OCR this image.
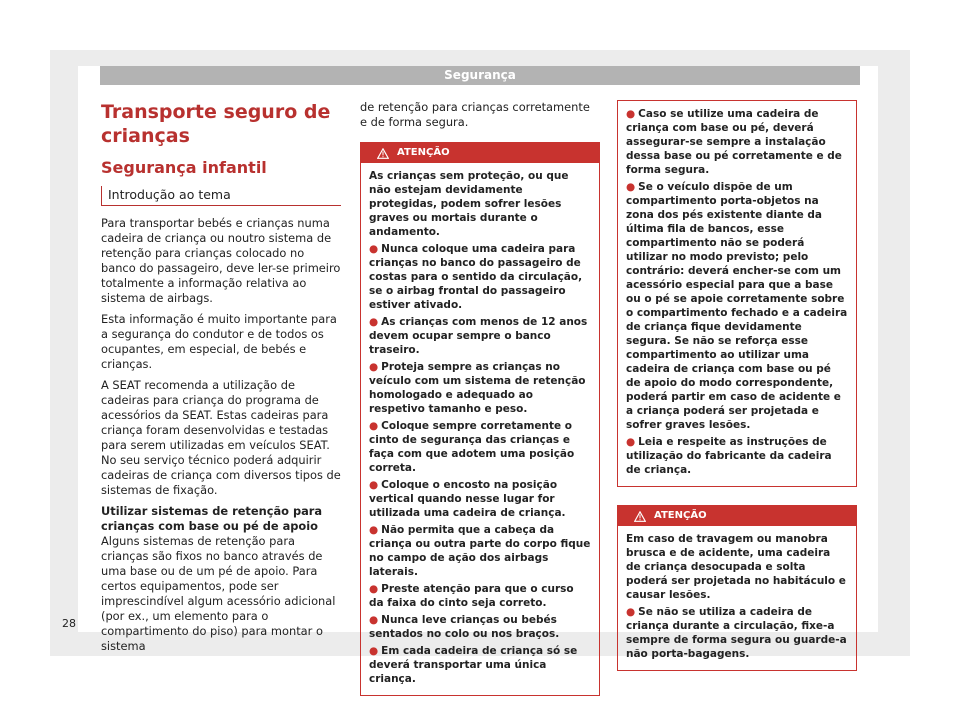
Segurança
Transporte seguro de crianças
Segurança infantil
Introdução ao tema

Para transportar bebés e crianças numa cadeira de criança ou noutro sistema de retenção para crianças colocado no banco do passageiro, deve ler-se primeiro totalmente a informação relativa ao sistema de airbags.

Esta informação é muito importante para a segurança do condutor e de todos os ocupantes, em especial, de bebés e crianças.

A SEAT recomenda a utilização de cadeiras para criança do programa de acessórios da SEAT. Estas cadeiras para criança foram desenvolvidas e testadas para serem utilizadas em veículos SEAT. No seu serviço técnico poderá adquirir cadeiras de criança com diversos tipos de sistemas de fixação.

Utilizar sistemas de retenção para crianças com base ou pé de apoio

Alguns sistemas de retenção para crianças são fixos no banco através de uma base ou de um pé de apoio. Para certos equipamentos, pode ser imprescindível algum acessório adicional (por ex., um elemento para o compartimento do piso) para montar o sistema

de retenção para crianças corretamente e de forma segura.

ATENÇÃO

As crianças sem proteção, ou que não estejam devidamente protegidas, podem sofrer lesões graves ou mortais durante o andamento.

● Nunca coloque uma cadeira para crianças no banco do passageiro de costas para o sentido da circulação, se o airbag frontal do passageiro estiver ativado.

● As crianças com menos de 12 anos devem ocupar sempre o banco traseiro.

● Proteja sempre as crianças no veículo com um sistema de retenção homologado e adequado ao respetivo tamanho e peso.

● Coloque sempre corretamente o cinto de segurança das crianças e faça com que adotem uma posição correta.

● Coloque o encosto na posição vertical quando nesse lugar for utilizada uma cadeira de criança.

● Não permita que a cabeça da criança ou outra parte do corpo fique no campo de ação dos airbags laterais.

● Preste atenção para que o curso da faixa do cinto seja correto.

● Nunca leve crianças ou bebés sentados no colo ou nos braços.

● Em cada cadeira de criança só se deverá transportar uma única criança.

● Caso se utilize uma cadeira de criança com base ou pé, deverá assegurar-se sempre a instalação dessa base ou pé corretamente e de forma segura.

● Se o veículo dispõe de um compartimento porta-objetos na zona dos pés existente diante da última fila de bancos, esse compartimento não se poderá utilizar no modo previsto; pelo contrário: deverá encher-se com um acessório especial para que a base ou o pé se apoie corretamente sobre o compartimento fechado e a cadeira de criança fique devidamente segura. Se não se reforça esse compartimento ao utilizar uma cadeira de criança com base ou pé de apoio do modo correspondente, poderá partir em caso de acidente e a criança poderá ser projetada e sofrer graves lesões.

● Leia e respeite as instruções de utilização do fabricante da cadeira de criança.

ATENÇÃO

Em caso de travagem ou manobra brusca e de acidente, uma cadeira de criança desocupada e solta poderá ser projetada no habitáculo e causar lesões.

● Se não se utiliza a cadeira de criança durante a circulação, fixe-a sempre de forma segura ou guarde-a não porta-bagagens.

28
